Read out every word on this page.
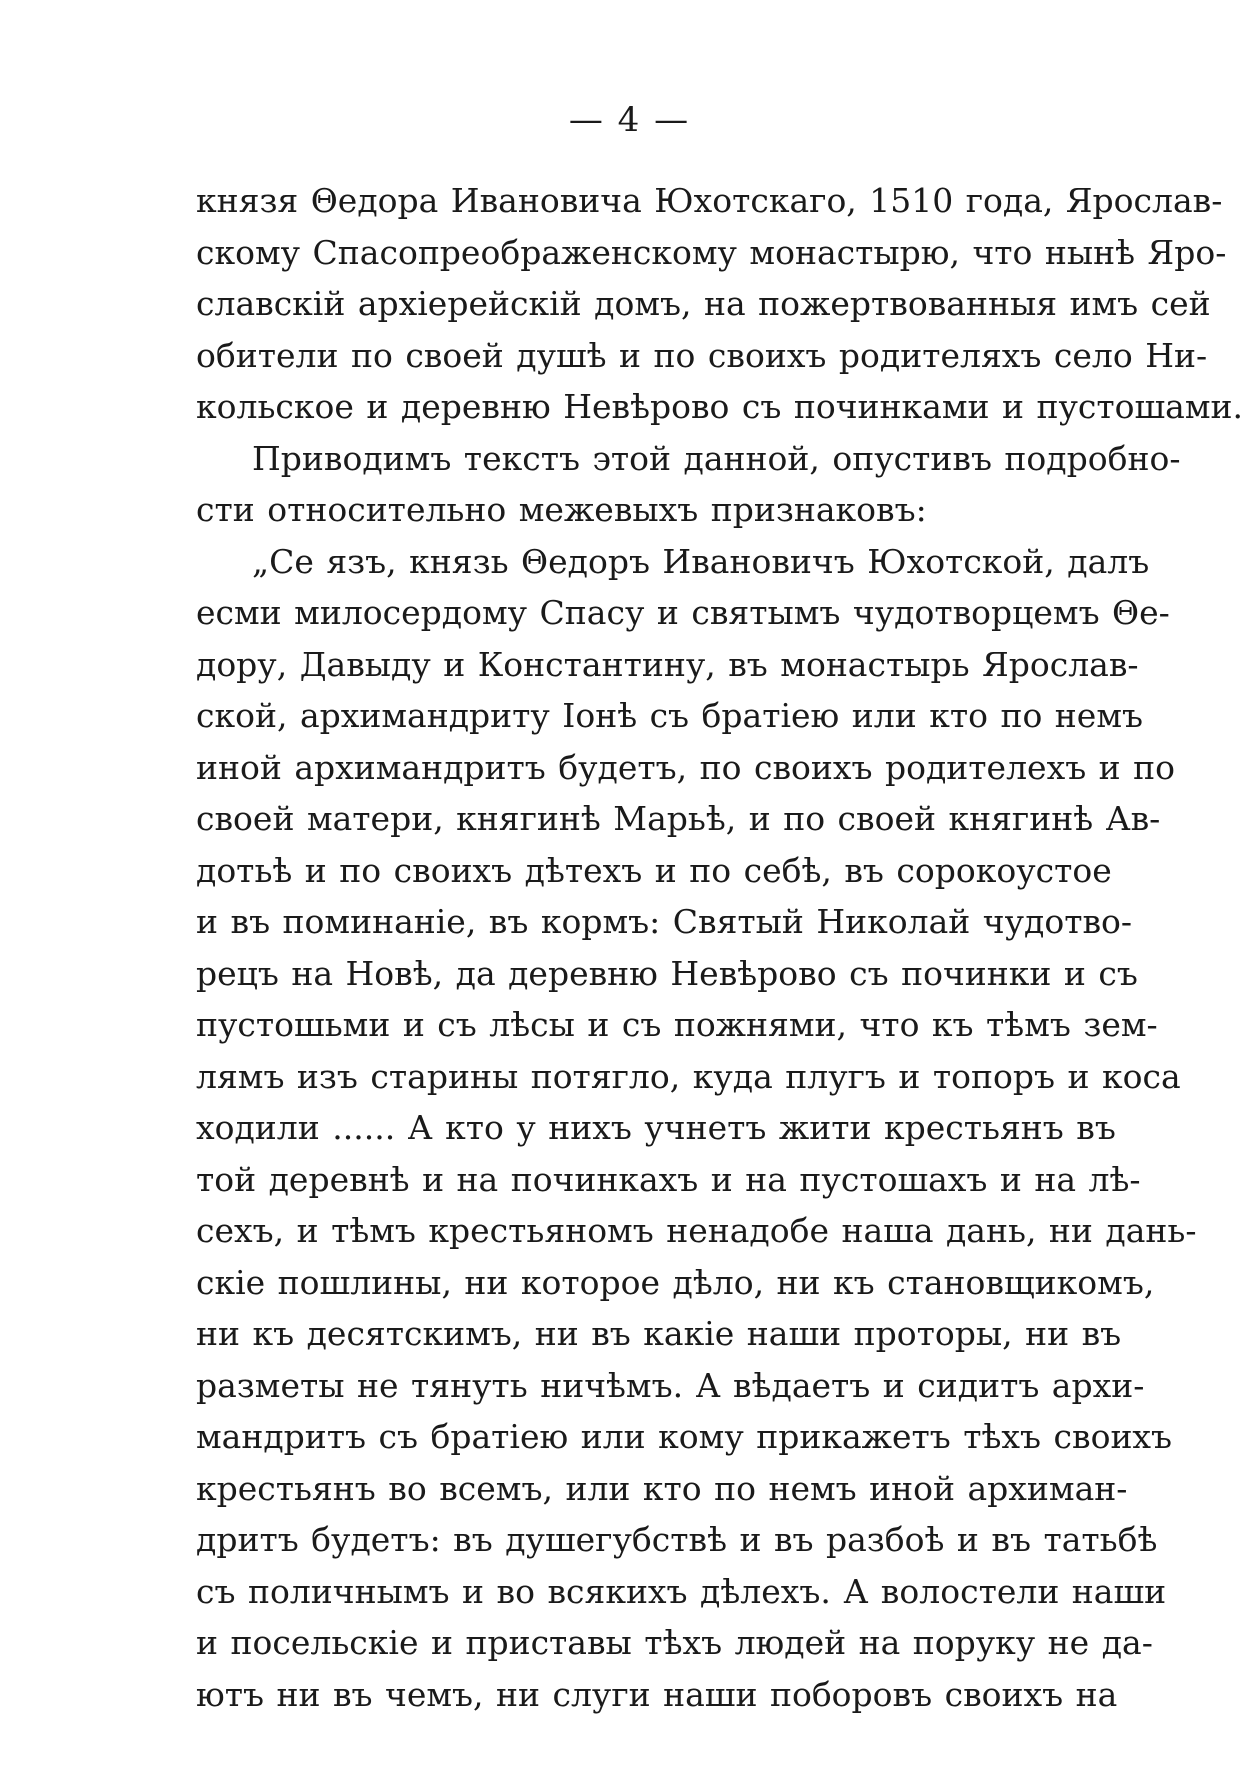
— 4 —
князя Θедора Ивановича Юхотскаго, 1510 года, Ярослав-
скому Спасопреображенскому монастырю, что нынѣ Яро-
славскій архіерейскій домъ, на пожертвованныя имъ сей
обители по своей душѣ и по своихъ родителяхъ село Ни-
кольское и деревню Невѣрово съ починками и пустошами.
Приводимъ текстъ этой данной, опустивъ подробно-
сти относительно межевыхъ признаковъ:
„Се язъ, князь Θедоръ Ивановичъ Юхотской, далъ
есми милосердому Спасу и святымъ чудотворцемъ Θе-
дору, Давыду и Константину, въ монастырь Ярослав-
ской, архимандриту Іонѣ съ братіею или кто по немъ
иной архимандритъ будетъ, по своихъ родителехъ и по
своей матери, княгинѣ Марьѣ, и по своей княгинѣ Ав-
дотьѣ и по своихъ дѣтехъ и по себѣ, въ сорокоустое
и въ поминаніе, въ кормъ: Святый Николай чудотво-
рецъ на Новѣ, да деревню Невѣрово съ починки и съ
пустошьми и съ лѣсы и съ пожнями, что къ тѣмъ зем-
лямъ изъ старины потягло, куда плугъ и топоръ и коса
ходили ...... А кто у нихъ учнетъ жити крестьянъ въ
той деревнѣ и на починкахъ и на пустошахъ и на лѣ-
сехъ, и тѣмъ крестьяномъ ненадобе наша дань, ни дань-
скіе пошлины, ни которое дѣло, ни къ становщикомъ,
ни къ десятскимъ, ни въ какіе наши проторы, ни въ
разметы не тянуть ничѣмъ. А вѣдаетъ и сидитъ архи-
мандритъ съ братіею или кому прикажетъ тѣхъ своихъ
крестьянъ во всемъ, или кто по немъ иной архиман-
дритъ будетъ: въ душегубствѣ и въ разбоѣ и въ татьбѣ
съ поличнымъ и во всякихъ дѣлехъ. А волостели наши
и посельскіе и приставы тѣхъ людей на поруку не да-
ютъ ни въ чемъ, ни слуги наши поборовъ своихъ на
